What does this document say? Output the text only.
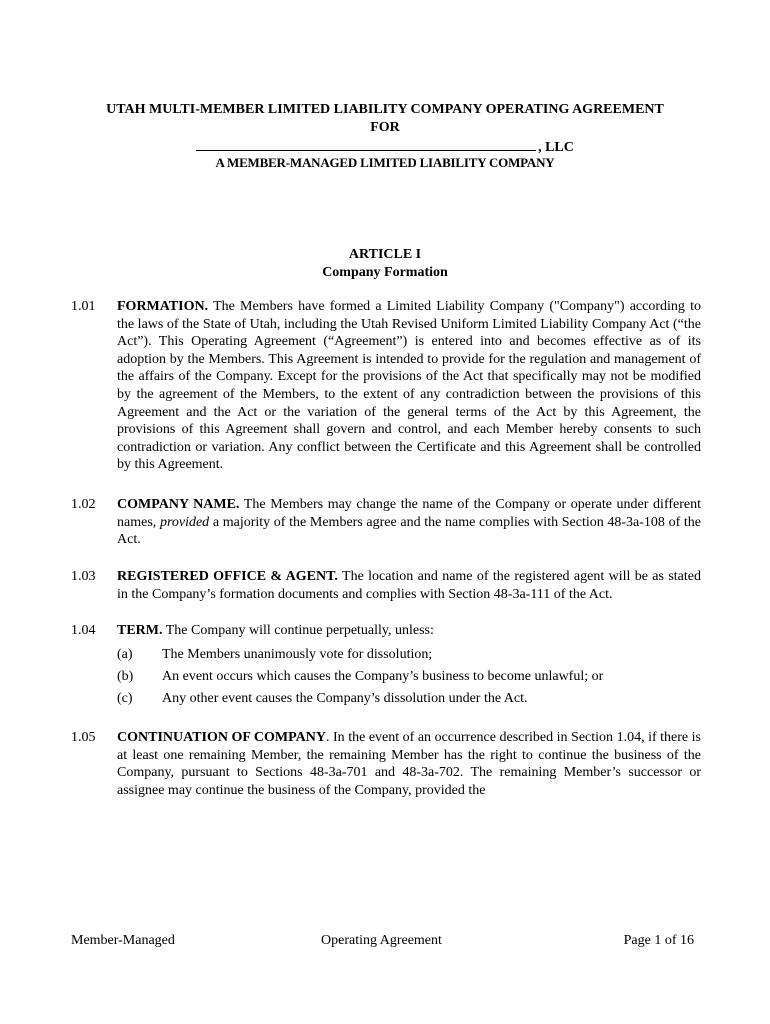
UTAH MULTI-MEMBER LIMITED LIABILITY COMPANY OPERATING AGREEMENT
FOR
, LLC
A MEMBER-MANAGED LIMITED LIABILITY COMPANY
ARTICLE I
Company Formation
1.01 FORMATION. The Members have formed a Limited Liability Company ("Company") according to the laws of the State of Utah, including the Utah Revised Uniform Limited Liability Company Act (“the Act”). This Operating Agreement (“Agreement”) is entered into and becomes effective as of its adoption by the Members. This Agreement is intended to provide for the regulation and management of the affairs of the Company. Except for the provisions of the Act that specifically may not be modified by the agreement of the Members, to the extent of any contradiction between the provisions of this Agreement and the Act or the variation of the general terms of the Act by this Agreement, the provisions of this Agreement shall govern and control, and each Member hereby consents to such contradiction or variation. Any conflict between the Certificate and this Agreement shall be controlled by this Agreement.
1.02 COMPANY NAME. The Members may change the name of the Company or operate under different names, provided a majority of the Members agree and the name complies with Section 48-3a-108 of the Act.
1.03 REGISTERED OFFICE & AGENT. The location and name of the registered agent will be as stated in the Company’s formation documents and complies with Section 48-3a-111 of the Act.
1.04 TERM. The Company will continue perpetually, unless:
(a) The Members unanimously vote for dissolution;
(b) An event occurs which causes the Company’s business to become unlawful; or
(c) Any other event causes the Company’s dissolution under the Act.
1.05 CONTINUATION OF COMPANY. In the event of an occurrence described in Section 1.04, if there is at least one remaining Member, the remaining Member has the right to continue the business of the Company, pursuant to Sections 48-3a-701 and 48-3a-702. The remaining Member’s successor or assignee may continue the business of the Company, provided the
Member-Managed	Operating Agreement	Page 1 of 16
